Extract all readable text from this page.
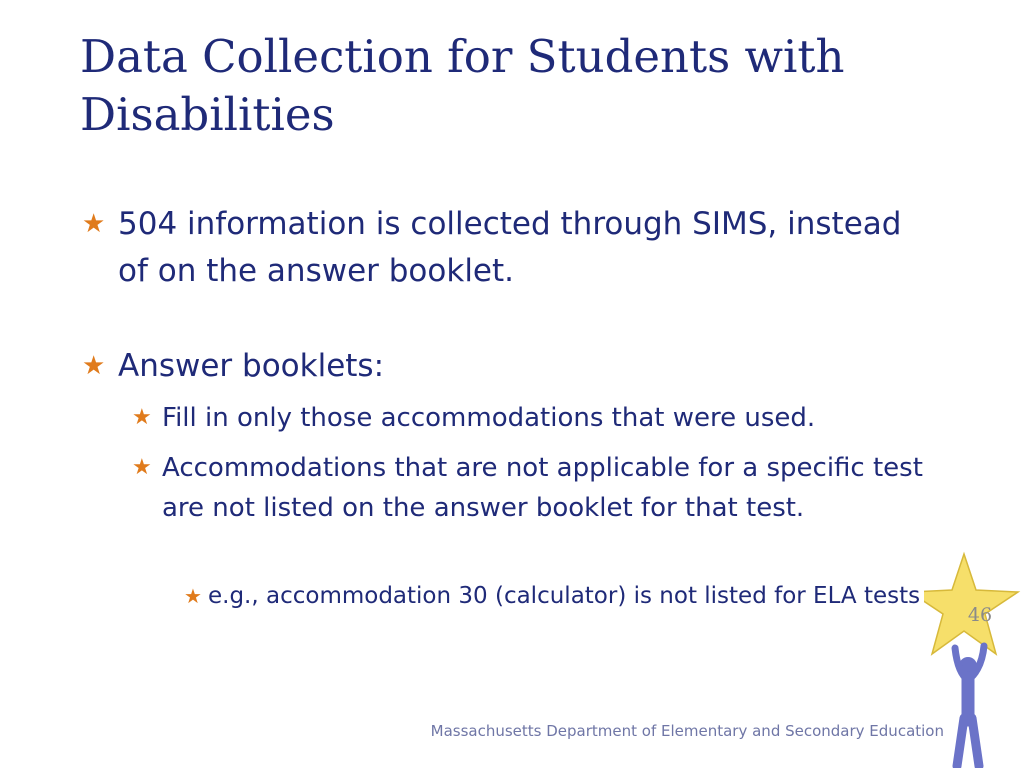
Data Collection for Students with Disabilities
★ 504 information is collected through SIMS, instead of on the answer booklet.
★ Answer booklets:
★ Fill in only those accommodations that were used.
★ Accommodations that are not applicable for a specific test are not listed on the answer booklet for that test.
★ e.g., accommodation 30 (calculator) is not listed for ELA tests
46
Massachusetts Department of Elementary and Secondary Education
